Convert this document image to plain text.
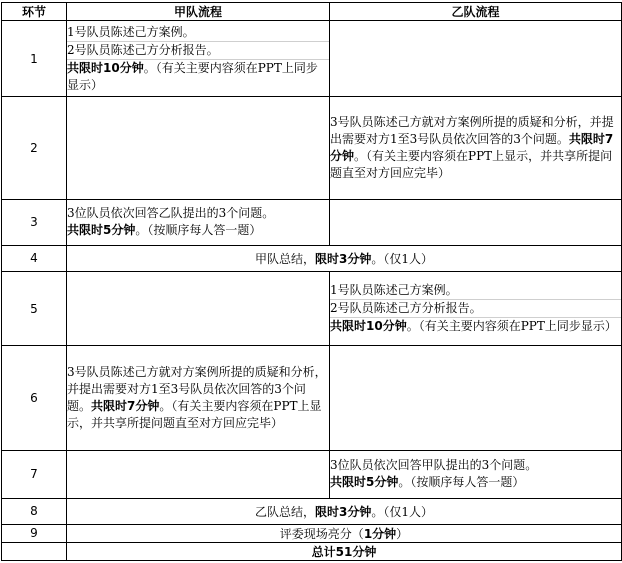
环节	甲队流程	乙队流程
1	1号队员陈述己方案例。
2号队员陈述己方分析报告。
共限时10分钟。（有关主要内容须在PPT上同步显示）	

2		3号队员陈述己方就对方案例所提的质疑和分析，并提出需要对方1至3号队员依次回答的3个问题。共限时7分钟。（有关主要内容须在PPT上显示，并共享所提问题直至对方回应完毕）

3	3位队员依次回答乙队提出的3个问题。
共限时5分钟。（按顺序每人答一题）	

4	甲队总结，限时3分钟。（仅1人）	
5		1号队员陈述己方案例。
2号队员陈述己方分析报告。
共限时10分钟。（有关主要内容须在PPT上同步显示）

6	3号队员陈述己方就对方案例所提的质疑和分析，并提出需要对方1至3号队员依次回答的3个问题。共限时7分钟。（有关主要内容须在PPT上显示，并共享所提问题直至对方回应完毕）	

7		3位队员依次回答甲队提出的3个问题。
共限时5分钟。（按顺序每人答一题）

8	乙队总结，限时3分钟。（仅1人）	
9	评委现场亮分（1分钟）	
	总计51分钟	
